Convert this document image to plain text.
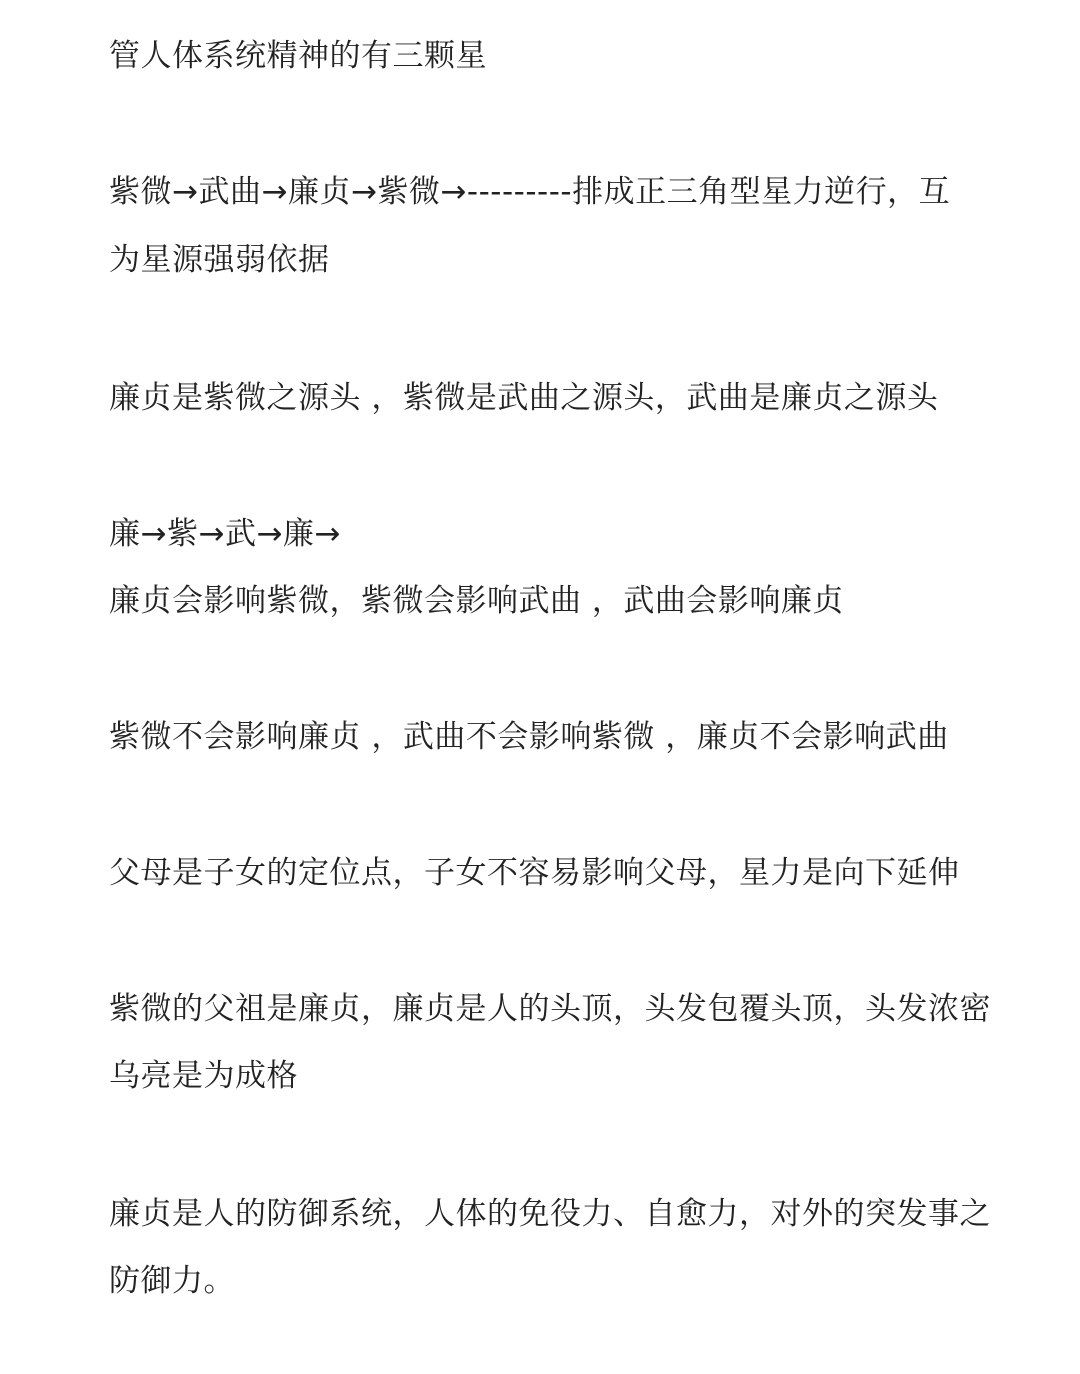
管人体系统精神的有三颗星
紫微→武曲→廉贞→紫微→---------排成正三角型星力逆行，互
为星源强弱依据
廉贞是紫微之源头 ，紫微是武曲之源头，武曲是廉贞之源头
廉→紫→武→廉→
廉贞会影响紫微，紫微会影响武曲 ，武曲会影响廉贞
紫微不会影响廉贞 ，武曲不会影响紫微 ，廉贞不会影响武曲
父母是子女的定位点，子女不容易影响父母，星力是向下延伸
紫微的父祖是廉贞，廉贞是人的头顶，头发包覆头顶，头发浓密
乌亮是为成格
廉贞是人的防御系统，人体的免役力、自愈力，对外的突发事之
防御力。
